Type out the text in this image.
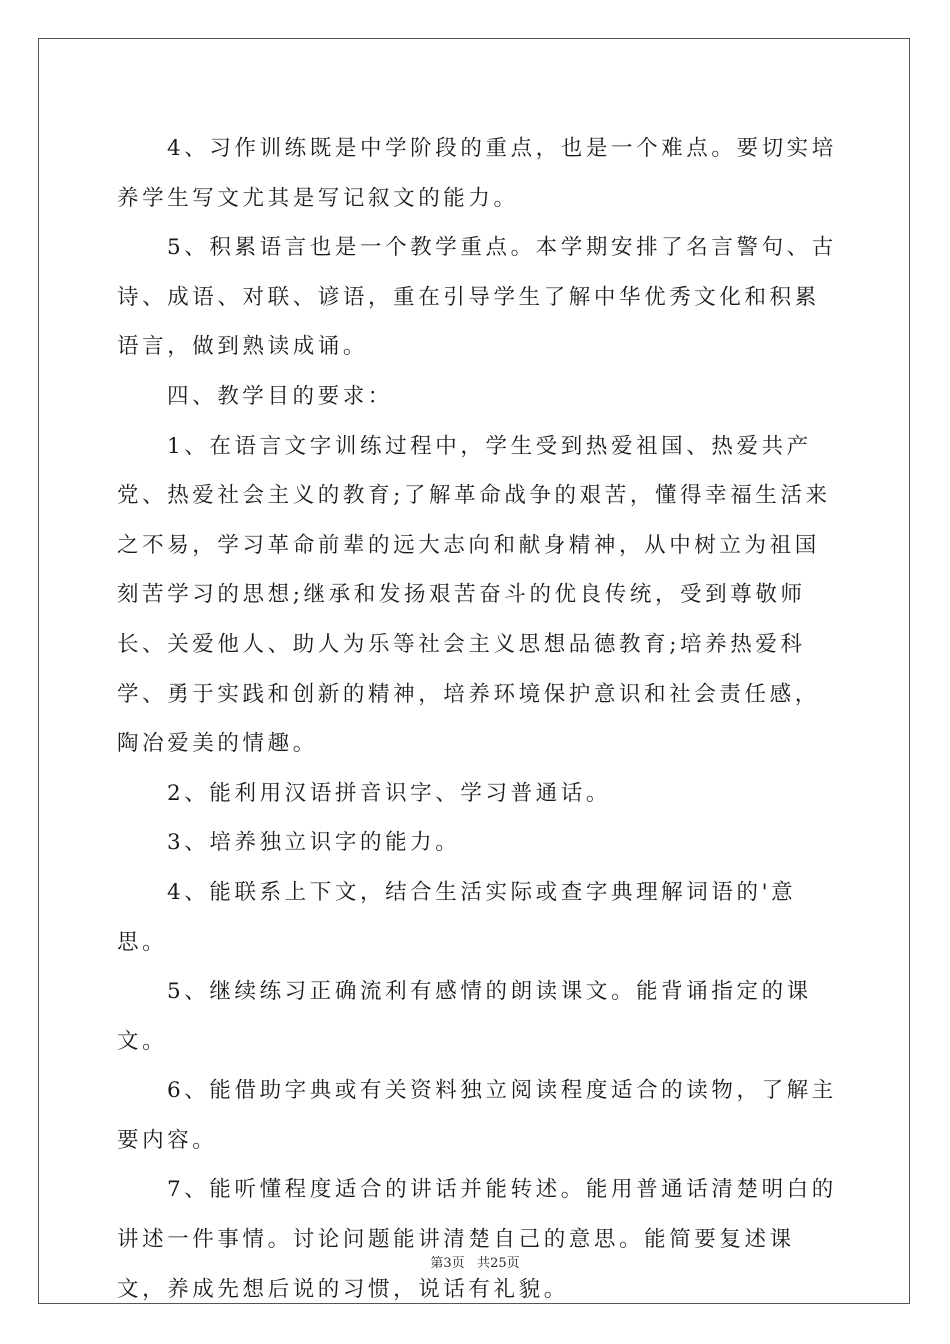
4、习作训练既是中学阶段的重点，也是一个难点。要切实培养学生写文尤其是写记叙文的能力。

5、积累语言也是一个教学重点。本学期安排了名言警句、古诗、成语、对联、谚语，重在引导学生了解中华优秀文化和积累语言，做到熟读成诵。

四、教学目的要求：

1、在语言文字训练过程中，学生受到热爱祖国、热爱共产党、热爱社会主义的教育;了解革命战争的艰苦，懂得幸福生活来之不易，学习革命前辈的远大志向和献身精神，从中树立为祖国刻苦学习的思想;继承和发扬艰苦奋斗的优良传统，受到尊敬师长、关爱他人、助人为乐等社会主义思想品德教育;培养热爱科学、勇于实践和创新的精神，培养环境保护意识和社会责任感，陶冶爱美的情趣。

2、能利用汉语拼音识字、学习普通话。

3、培养独立识字的能力。

4、能联系上下文，结合生活实际或查字典理解词语的'意思。

5、继续练习正确流利有感情的朗读课文。能背诵指定的课文。

6、能借助字典或有关资料独立阅读程度适合的读物，了解主要内容。

7、能听懂程度适合的讲话并能转述。能用普通话清楚明白的讲述一件事情。讨论问题能讲清楚自己的意思。能简要复述课文，养成先想后说的习惯，说话有礼貌。

第3页 共25页
